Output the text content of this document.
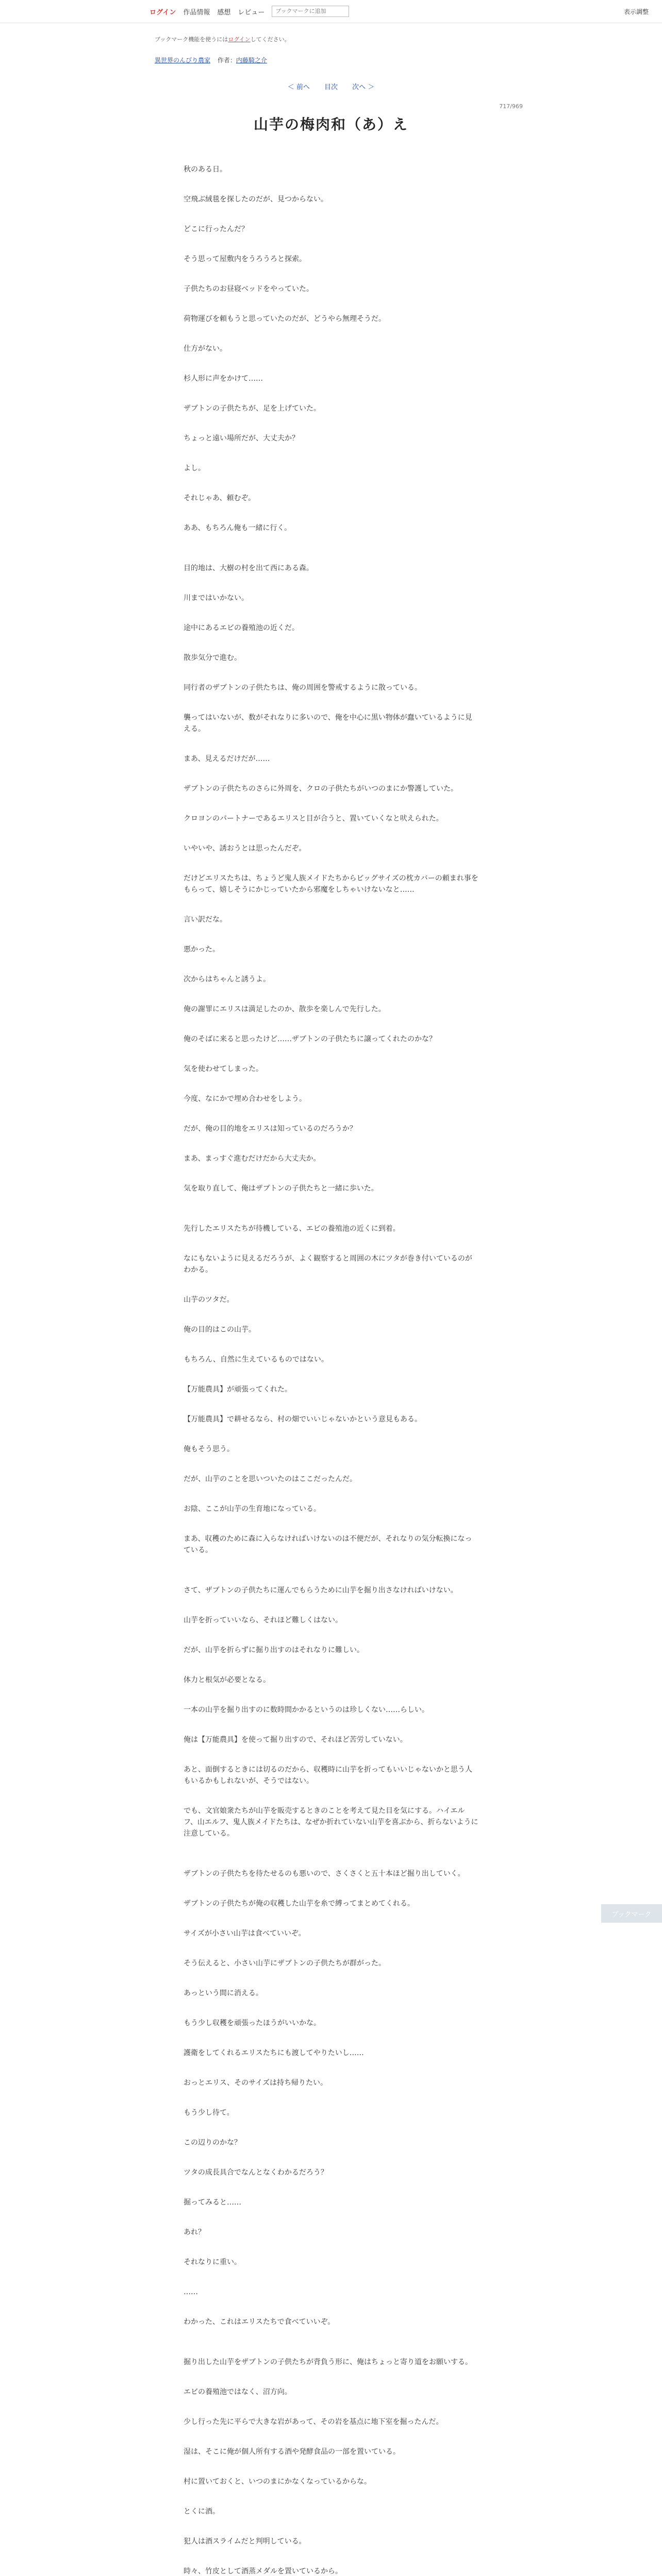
ログイン 作品情報 感想 レビュー
ブックマークに追加	表示調整
ブックマーク機能を使うにはログインしてください。
異世界のんびり農家 作者：内藤騎之介
＜ 前へ 目次 次へ ＞
717/969
山芋の梅肉和（あ）え

秋のある日。

空飛ぶ絨毯を探したのだが、見つからない。

どこに行ったんだ？

そう思って屋敷内をうろうろと探索。

子供たちのお昼寝ベッドをやっていた。

荷物運びを頼もうと思っていたのだが、どうやら無理そうだ。

仕方がない。

杉人形に声をかけて……

ザブトンの子供たちが、足を上げていた。

ちょっと遠い場所だが、大丈夫か？

よし。

それじゃあ、頼むぞ。

ああ、もちろん俺も一緒に行く。

目的地は、大樹の村を出て西にある森。

川まではいかない。

途中にあるエビの養殖池の近くだ。

散歩気分で進む。

同行者のザブトンの子供たちは、俺の周囲を警戒するように散っている。

襲ってはいないが、数がそれなりに多いので、俺を中心に黒い物体が蠢いているように見える。

まあ、見えるだけだが……

ザブトンの子供たちのさらに外周を、クロの子供たちがいつのまにか警護していた。

クロヨンのパートナーであるエリスと目が合うと、置いていくなと吠えられた。

いやいや、誘おうとは思ったんだぞ。

だけどエリスたちは、ちょうど鬼人族メイドたちからビッグサイズの枕カバーの頼まれ事をもらって、嬉しそうにかじっていたから邪魔をしちゃいけないなと……

言い訳だな。

悪かった。

次からはちゃんと誘うよ。

俺の謝罪にエリスは満足したのか、散歩を楽しんで先行した。

俺のそばに来ると思ったけど……ザブトンの子供たちに譲ってくれたのかな？

気を使わせてしまった。

今度、なにかで埋め合わせをしよう。

だが、俺の目的地をエリスは知っているのだろうか？

まあ、まっすぐ進むだけだから大丈夫か。

気を取り直して、俺はザブトンの子供たちと一緒に歩いた。

先行したエリスたちが待機している、エビの養殖池の近くに到着。

なにもないように見えるだろうが、よく観察すると周囲の木にツタが巻き付いているのがわかる。

山芋のツタだ。

俺の目的はこの山芋。

もちろん、自然に生えているものではない。

【万能農具】が頑張ってくれた。

【万能農具】で耕せるなら、村の畑でいいじゃないかという意見もある。

俺もそう思う。

だが、山芋のことを思いついたのはここだったんだ。

お陰、ここが山芋の生育地になっている。

まあ、収穫のために森に入らなければいけないのは不便だが、それなりの気分転換になっている。

さて、ザブトンの子供たちに運んでもらうために山芋を掘り出さなければいけない。

山芋を折っていいなら、それほど難しくはない。

だが、山芋を折らずに掘り出すのはそれなりに難しい。

体力と根気が必要となる。

一本の山芋を掘り出すのに数時間かかるというのは珍しくない……らしい。

俺は【万能農具】を使って掘り出すので、それほど苦労していない。

あと、面倒するときには切るのだから、収穫時に山芋を折ってもいいじゃないかと思う人もいるかもしれないが、そうではない。

でも、文官娘衆たちが山芋を販売するときのことを考えて見た目を気にする。ハイエルフ、山エルフ、鬼人族メイドたちは、なぜか折れていない山芋を喜ぶから、折らないように注意している。

ザブトンの子供たちを待たせるのも悪いので、さくさくと五十本ほど掘り出していく。

ザブトンの子供たちが俺の収穫した山芋を糸で縛ってまとめてくれる。

サイズが小さい山芋は食べていいぞ。

そう伝えると、小さい山芋にザブトンの子供たちが群がった。

あっという間に消える。

もう少し収穫を頑張ったほうがいいかな。

護衛をしてくれるエリスたちにも渡してやりたいし……

おっとエリス、そのサイズは持ち帰りたい。

もう少し待て。

この辺りのかな？

ツタの成長具合でなんとなくわかるだろう？

掘ってみると……

あれ？

それなりに重い。

……

わかった、これはエリスたちで食べていいぞ。

掘り出した山芋をザブトンの子供たちが背負う形に、俺はちょっと寄り道をお願いする。

エビの養殖池ではなく、沼方向。

少し行った先に平らで大きな岩があって、その岩を基点に地下室を掘ったんだ。

湿は、そこに俺が個人所有する酒や発酵食品の一部を置いている。

村に置いておくと、いつのまにかなくなっているからな。

とくに酒。

犯人は酒スライムだと判明している。

時々、竹皮として酒蒸メダルを置いているから。

ブックマーク
